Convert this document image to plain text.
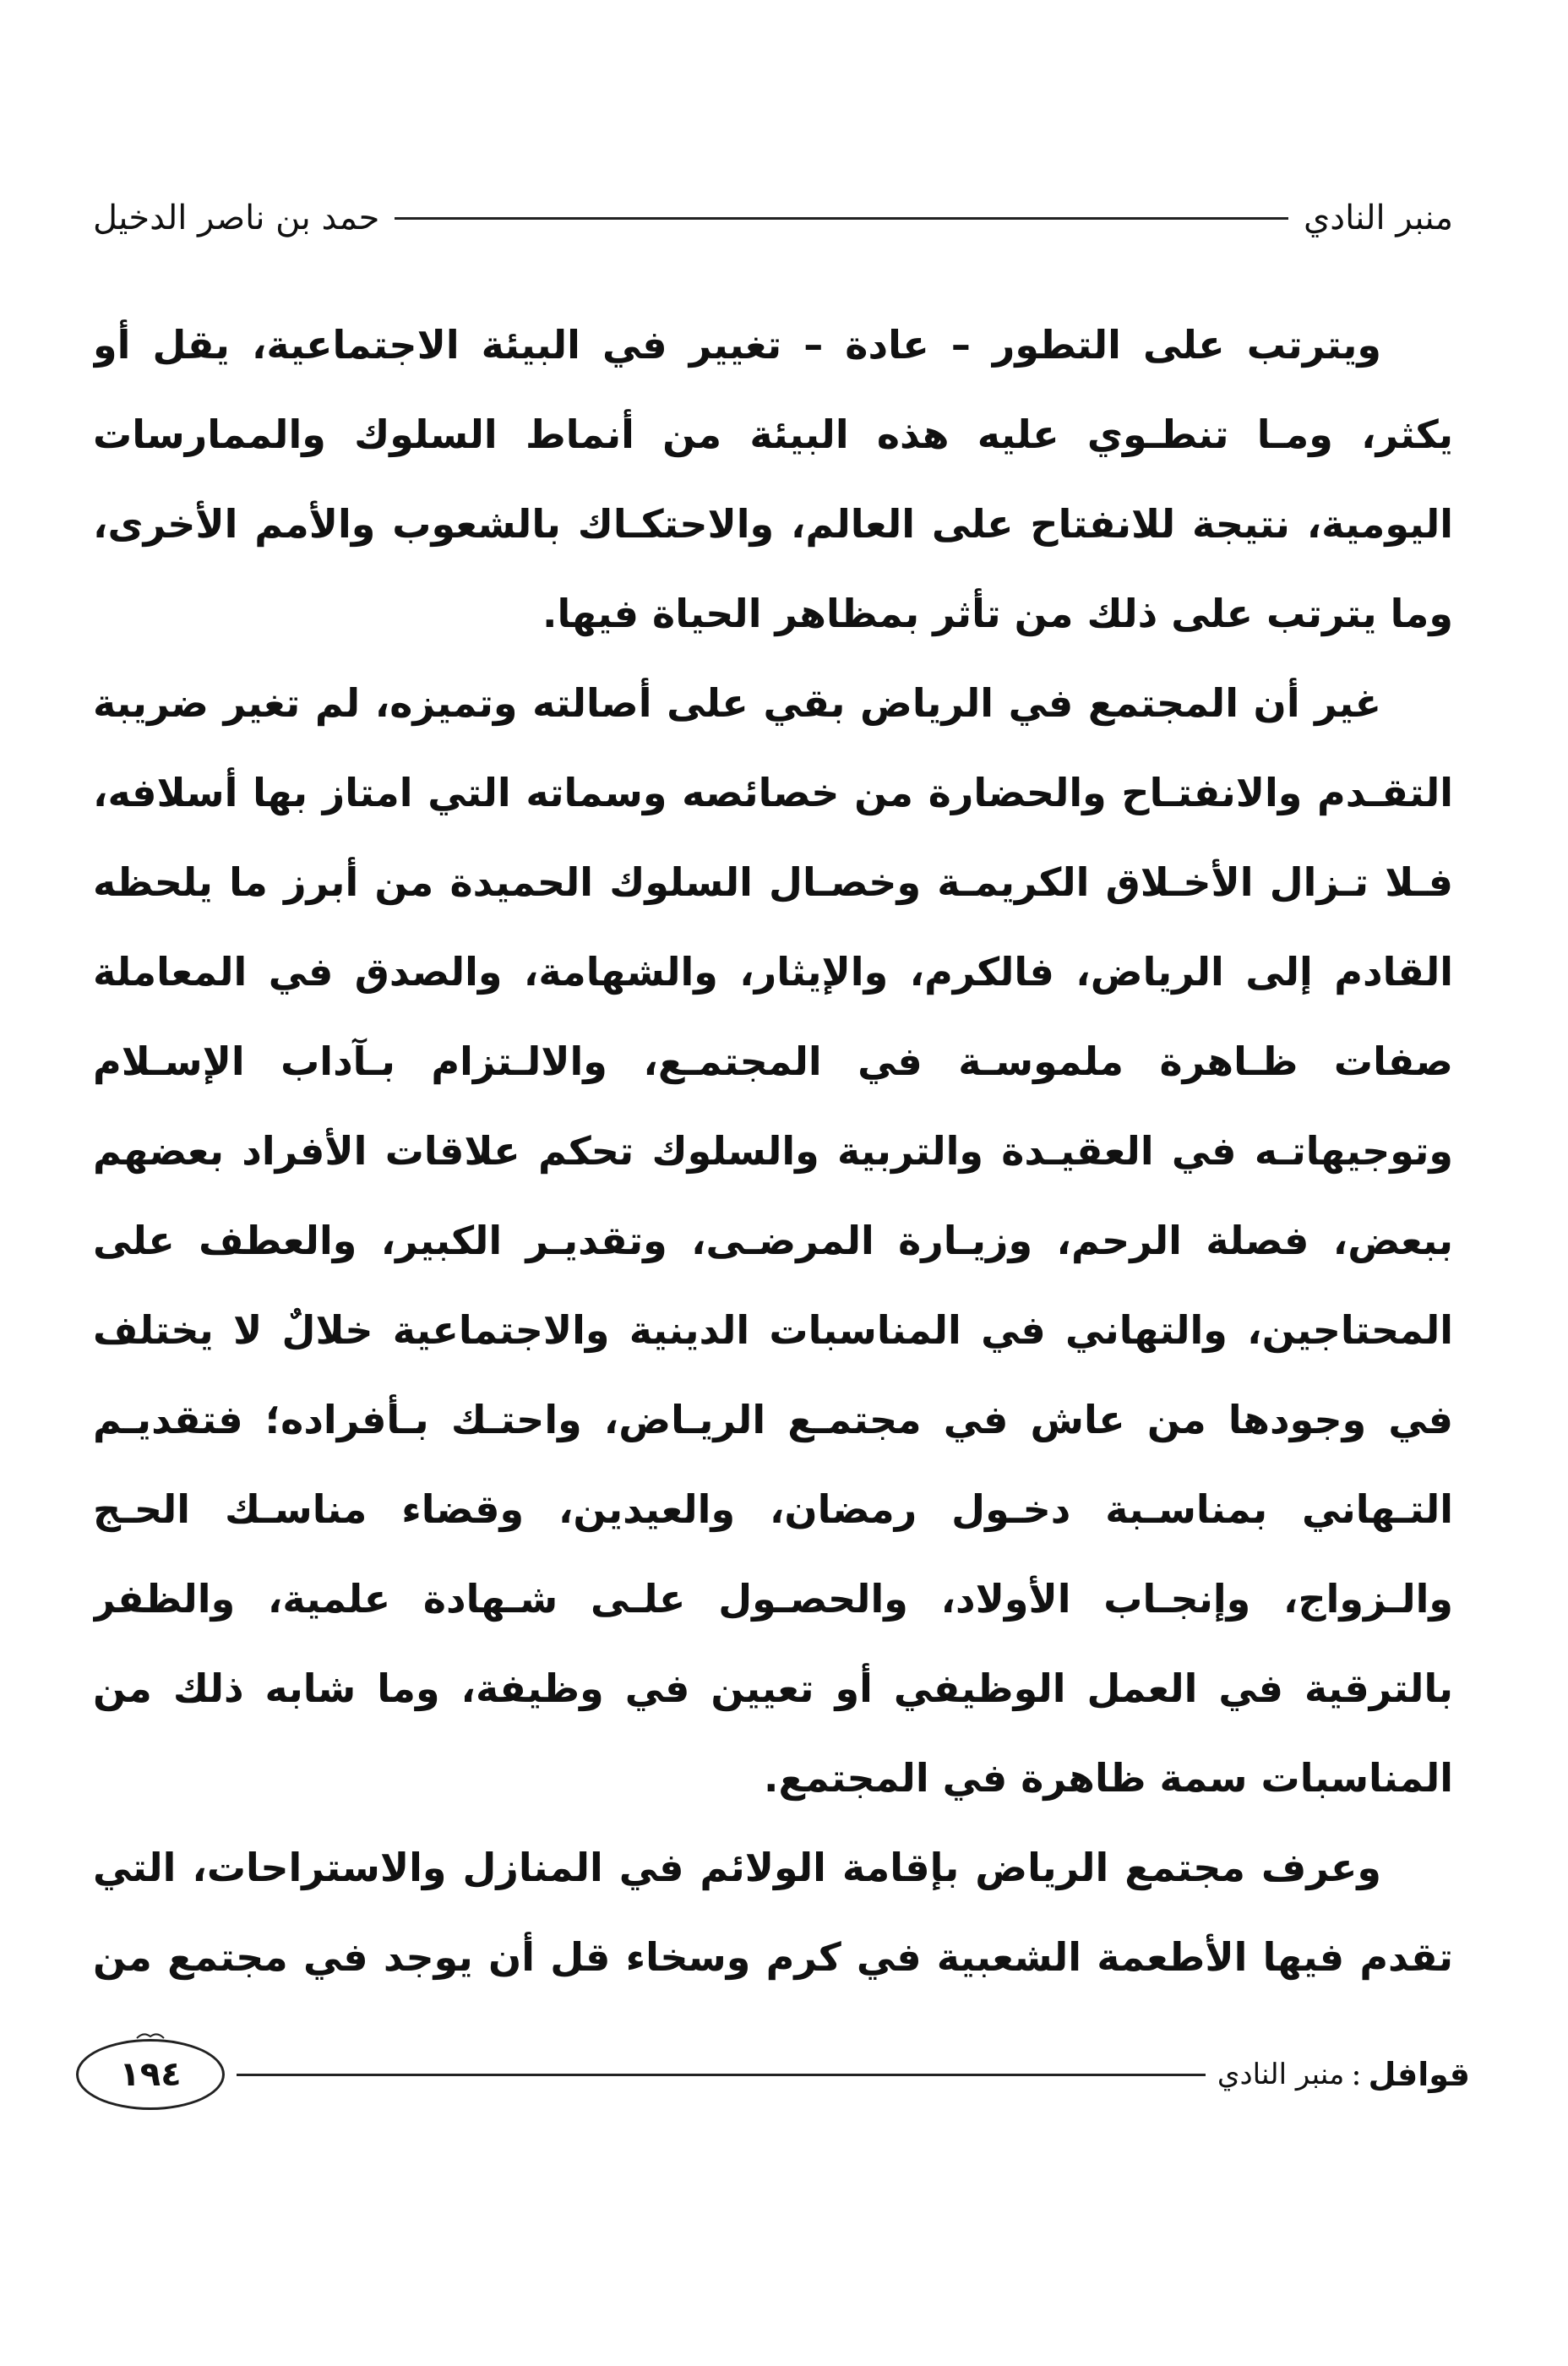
منبر النادي
حمد بن ناصر الدخيل

ويترتب على التطور – عادة – تغيير في البيئة الاجتماعية، يقل أو يكثر، ومـا تنطـوي عليه هذه البيئة من أنماط السلوك والممارسات اليومية، نتيجة للانفتاح على العالم، والاحتكـاك بالشعوب والأمم الأخرى، وما يترتب على ذلك من تأثر بمظاهر الحياة فيها.

غير أن المجتمع في الرياض بقي على أصالته وتميزه، لم تغير ضريبة التقـدم والانفتـاح والحضارة من خصائصه وسماته التي امتاز بها أسلافه، فـلا تـزال الأخـلاق الكريمـة وخصـال السلوك الحميدة من أبرز ما يلحظه القادم إلى الرياض، فالكرم، والإيثار، والشهامة، والصدق في المعاملة صفات ظـاهرة ملموسـة في المجتمـع، والالـتزام بـآداب الإسـلام وتوجيهاتـه في العقيـدة والتربية والسلوك تحكم علاقات الأفراد بعضهم ببعض، فصلة الرحم، وزيـارة المرضـى، وتقديـر الكبير، والعطف على المحتاجين، والتهاني في المناسبات الدينية والاجتماعية خلالٌ لا يختلف في وجودها من عاش في مجتمـع الريـاض، واحتـك بـأفراده؛ فتقديـم التـهاني بمناسـبة دخـول رمضان، والعيدين، وقضاء مناسـك الحـج والـزواج، وإنجـاب الأولاد، والحصـول علـى شـهادة علمية، والظفر بالترقية في العمل الوظيفي أو تعيين في وظيفة، وما شابه ذلك من المناسبات سمة ظاهرة في المجتمع.

وعرف مجتمع الرياض بإقامة الولائم في المنازل والاستراحات، التي تقدم فيها الأطعمة الشعبية في كرم وسخاء قل أن يوجد في مجتمع من

قوافل
:
منبر النادي
١٩٤
